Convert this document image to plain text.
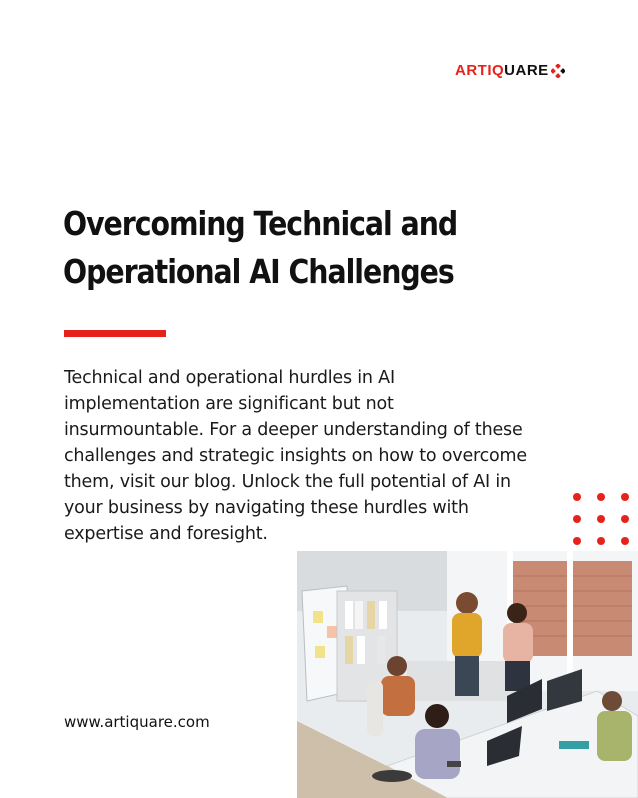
ARTI Q UARE
Overcoming Technical and
Operational AI Challenges

Technical and operational hurdles in AI implementation are significant but not insurmountable. For a deeper understanding of these challenges and strategic insights on how to overcome them, visit our blog. Unlock the full potential of AI in your business by navigating these hurdles with expertise and foresight.

www.artiquare.com
